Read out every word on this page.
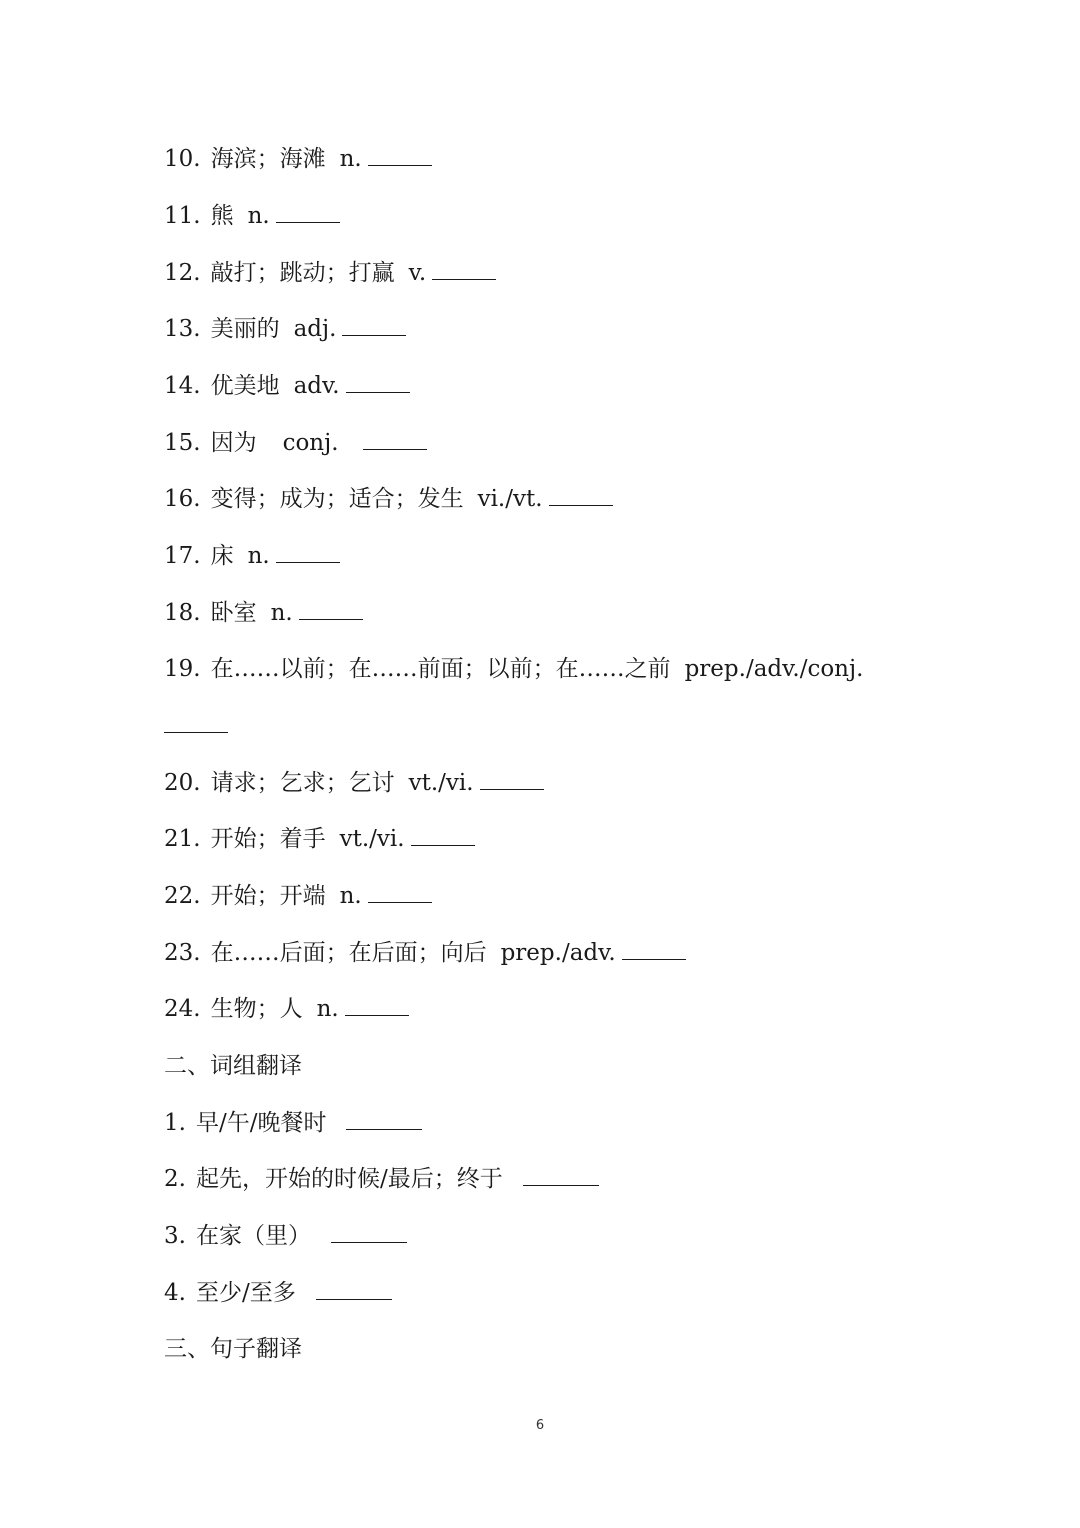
10. 海滨；海滩 n.
11. 熊 n.
12. 敲打；跳动；打赢 v.
13. 美丽的 adj.
14. 优美地 adv.
15. 因为 conj.
16. 变得；成为；适合；发生 vi./vt.
17. 床 n.
18. 卧室 n.
19. 在……以前；在……前面；以前；在……之前 prep./adv./conj.
20. 请求；乞求；乞讨 vt./vi.
21. 开始；着手 vt./vi.
22. 开始；开端 n.
23. 在……后面；在后面；向后 prep./adv.
24. 生物；人 n.
二、词组翻译
1. 早/午/晚餐时
2. 起先，开始的时候/最后；终于
3. 在家（里）
4. 至少/至多
三、句子翻译
6
